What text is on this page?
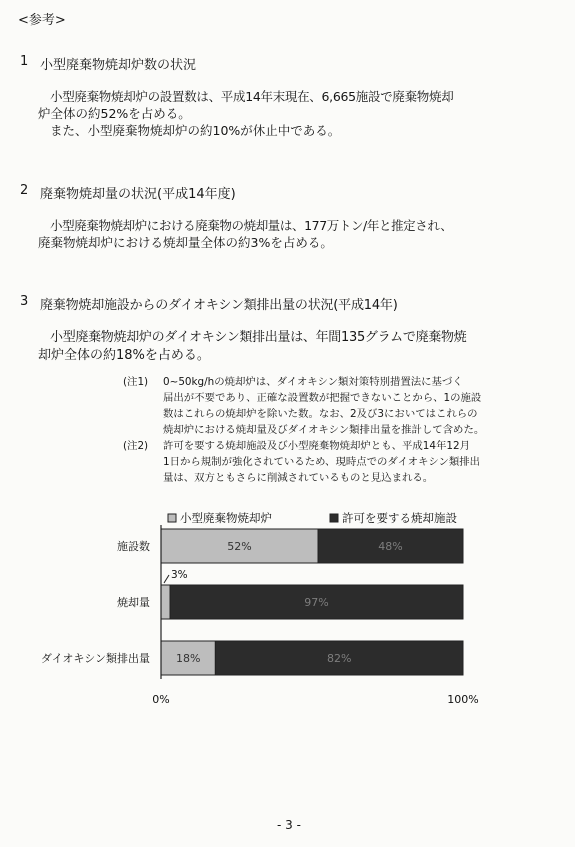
<参考>
1 小型廃棄物焼却炉数の状況
小型廃棄物焼却炉の設置数は、平成14年末現在、6,665施設で廃棄物焼却
炉全体の約52%を占める。
また、小型廃棄物焼却炉の約10%が休止中である。
2 廃棄物焼却量の状況(平成14年度)
小型廃棄物焼却炉における廃棄物の焼却量は、177万トン/年と推定され、
廃棄物焼却炉における焼却量全体の約3%を占める。
3 廃棄物焼却施設からのダイオキシン類排出量の状況(平成14年)
小型廃棄物焼却炉のダイオキシン類排出量は、年間135グラムで廃棄物焼
却炉全体の約18%を占める。
(注1) 0~50kg/hの焼却炉は、ダイオキシン類対策特別措置法に基づく
届出が不要であり、正確な設置数が把握できないことから、1の施設
数はこれらの焼却炉を除いた数。なお、2及び3においてはこれらの
焼却炉における焼却量及びダイオキシン類排出量を推計して含めた。
(注2) 許可を要する焼却施設及び小型廃棄物焼却炉とも、平成14年12月
1日から規制が強化されているため、現時点でのダイオキシン類排出
量は、双方ともさらに削減されているものと見込まれる。
小型廃棄物焼却炉	許可を要する焼却施設
施設数	52%	48%
焼却量
3%
97%
ダイオキシン類排出量 18%	82%
0%	100%
- 3 -
